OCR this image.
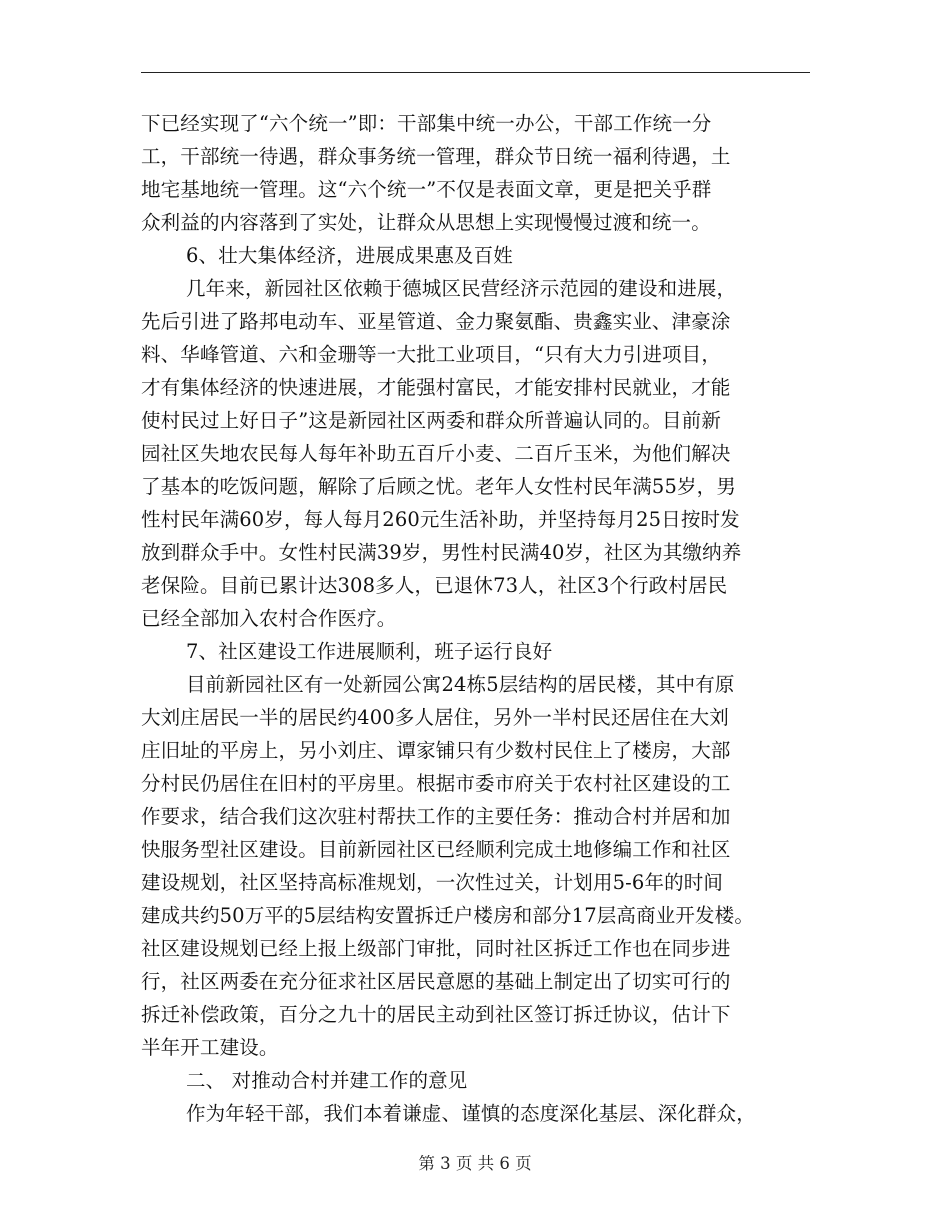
下已经实现了“六个统一”即：干部集中统一办公，干部工作统一分
工，干部统一待遇，群众事务统一管理，群众节日统一福利待遇，土
地宅基地统一管理。这“六个统一”不仅是表面文章，更是把关乎群
众利益的内容落到了实处，让群众从思想上实现慢慢过渡和统一。
6、壮大集体经济，进展成果惠及百姓
几年来，新园社区依赖于德城区民营经济示范园的建设和进展，
先后引进了路邦电动车、亚星管道、金力聚氨酯、贵鑫实业、津豪涂
料、华峰管道、六和金珊等一大批工业项目，“只有大力引进项目，
才有集体经济的快速进展，才能强村富民，才能安排村民就业，才能
使村民过上好日子”这是新园社区两委和群众所普遍认同的。目前新
园社区失地农民每人每年补助五百斤小麦、二百斤玉米，为他们解决
了基本的吃饭问题，解除了后顾之忧。老年人女性村民年满55岁，男
性村民年满60岁，每人每月260元生活补助，并坚持每月25日按时发
放到群众手中。女性村民满39岁，男性村民满40岁，社区为其缴纳养
老保险。目前已累计达308多人，已退休73人，社区3个行政村居民
已经全部加入农村合作医疗。
7、社区建设工作进展顺利，班子运行良好
目前新园社区有一处新园公寓24栋5层结构的居民楼，其中有原
大刘庄居民一半的居民约400多人居住，另外一半村民还居住在大刘
庄旧址的平房上，另小刘庄、谭家铺只有少数村民住上了楼房，大部
分村民仍居住在旧村的平房里。根据市委市府关于农村社区建设的工
作要求，结合我们这次驻村帮扶工作的主要任务：推动合村并居和加
快服务型社区建设。目前新园社区已经顺利完成土地修编工作和社区
建设规划，社区坚持高标准规划，一次性过关，计划用5-6年的时间
建成共约50万平的5层结构安置拆迁户楼房和部分17层高商业开发楼。
社区建设规划已经上报上级部门审批，同时社区拆迁工作也在同步进
行，社区两委在充分征求社区居民意愿的基础上制定出了切实可行的
拆迁补偿政策，百分之九十的居民主动到社区签订拆迁协议，估计下
半年开工建设。
二、 对推动合村并建工作的意见
作为年轻干部，我们本着谦虚、谨慎的态度深化基层、深化群众，
第 3 页 共 6 页
